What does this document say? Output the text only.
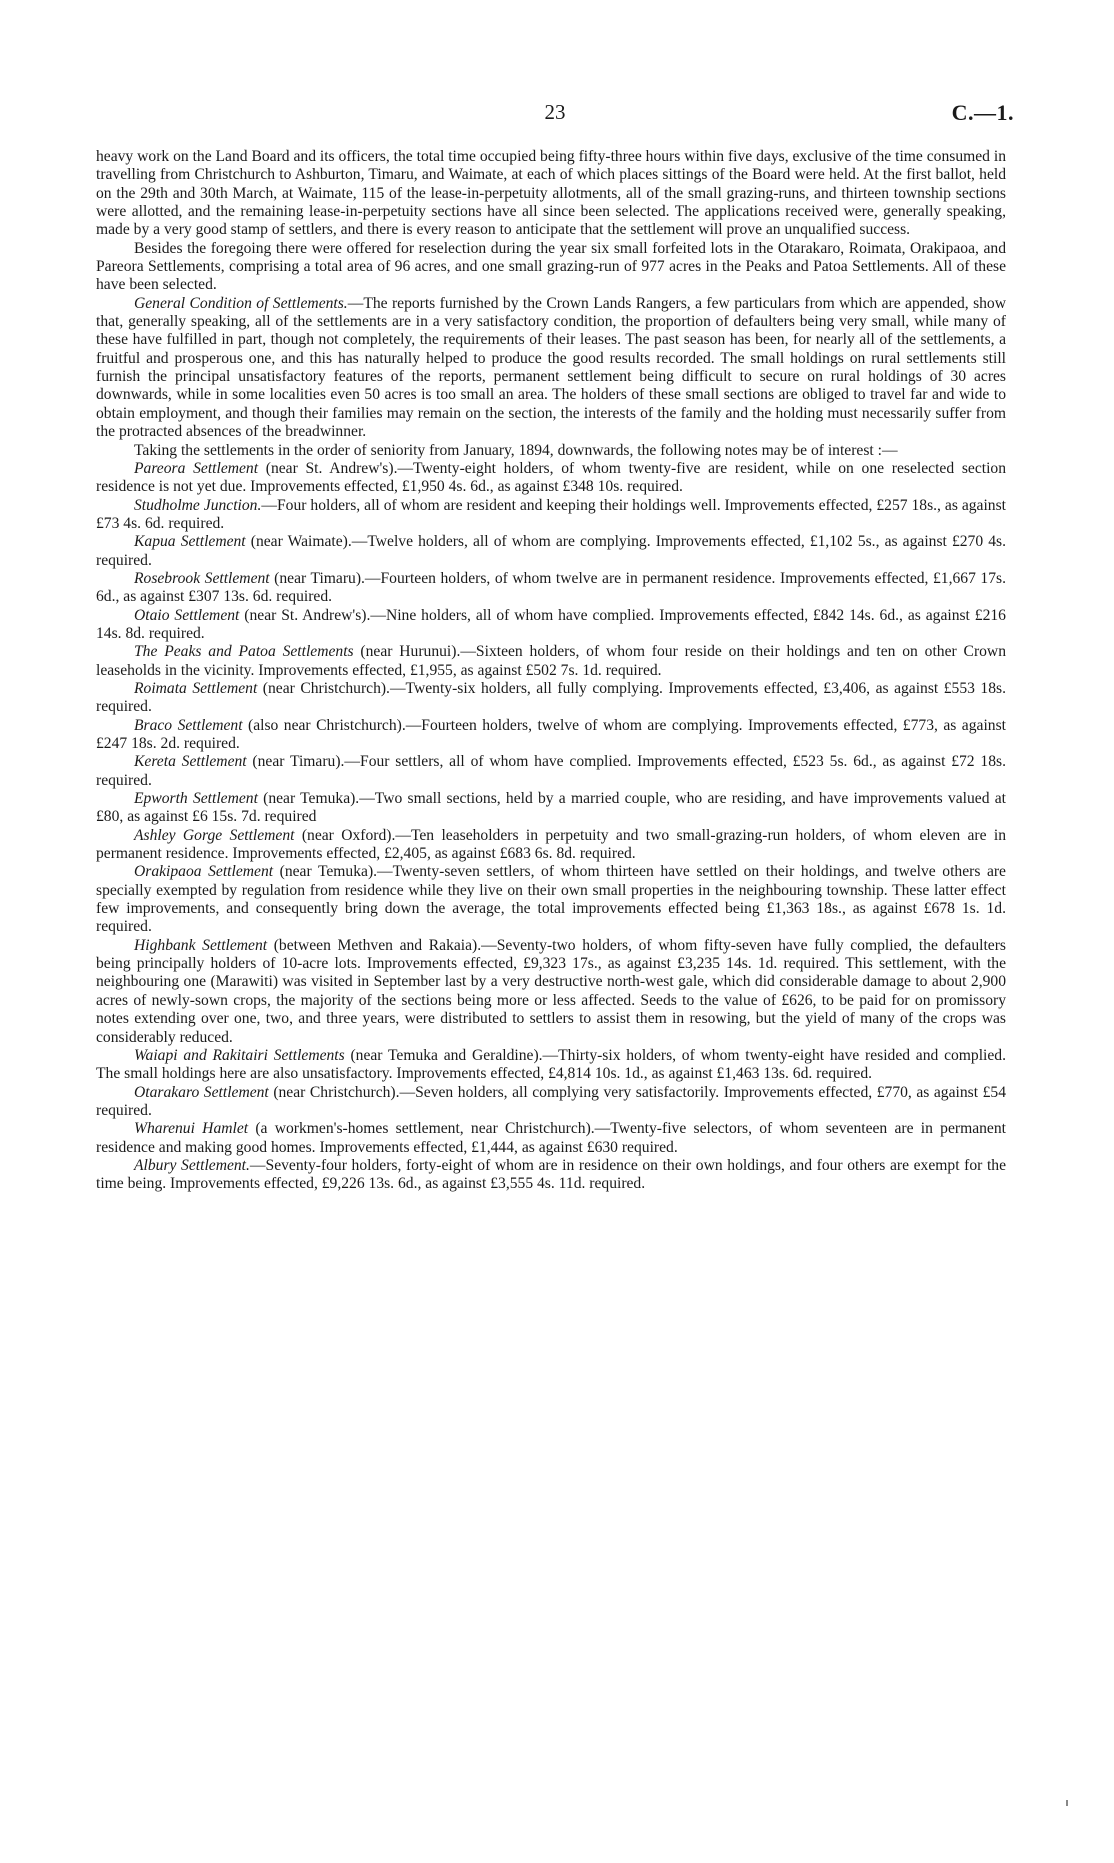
23	C.—1.

heavy work on the Land Board and its officers, the total time occupied being fifty-three hours within five days, exclusive of the time consumed in travelling from Christchurch to Ashburton, Timaru, and Waimate, at each of which places sittings of the Board were held. At the first ballot, held on the 29th and 30th March, at Waimate, 115 of the lease-in-perpetuity allotments, all of the small grazing-runs, and thirteen township sections were allotted, and the remaining lease-in-perpetuity sections have all since been selected. The applications received were, generally speaking, made by a very good stamp of settlers, and there is every reason to anticipate that the settlement will prove an unqualified success.

Besides the foregoing there were offered for reselection during the year six small forfeited lots in the Otarakaro, Roimata, Orakipaoa, and Pareora Settlements, comprising a total area of 96 acres, and one small grazing-run of 977 acres in the Peaks and Patoa Settlements. All of these have been selected.

General Condition of Settlements.—The reports furnished by the Crown Lands Rangers, a few particulars from which are appended, show that, generally speaking, all of the settlements are in a very satisfactory condition, the proportion of defaulters being very small, while many of these have fulfilled in part, though not completely, the requirements of their leases. The past season has been, for nearly all of the settlements, a fruitful and prosperous one, and this has naturally helped to produce the good results recorded. The small holdings on rural settlements still furnish the principal unsatisfactory features of the reports, permanent settlement being difficult to secure on rural holdings of 30 acres downwards, while in some localities even 50 acres is too small an area. The holders of these small sections are obliged to travel far and wide to obtain employment, and though their families may remain on the section, the interests of the family and the holding must necessarily suffer from the protracted absences of the breadwinner.

Taking the settlements in the order of seniority from January, 1894, downwards, the following notes may be of interest :—

Pareora Settlement (near St. Andrew's).—Twenty-eight holders, of whom twenty-five are resident, while on one reselected section residence is not yet due. Improvements effected, £1,950 4s. 6d., as against £348 10s. required.

Studholme Junction.—Four holders, all of whom are resident and keeping their holdings well. Improvements effected, £257 18s., as against £73 4s. 6d. required.

Kapua Settlement (near Waimate).—Twelve holders, all of whom are complying. Improvements effected, £1,102 5s., as against £270 4s. required.

Rosebrook Settlement (near Timaru).—Fourteen holders, of whom twelve are in permanent residence. Improvements effected, £1,667 17s. 6d., as against £307 13s. 6d. required.

Otaio Settlement (near St. Andrew's).—Nine holders, all of whom have complied. Improvements effected, £842 14s. 6d., as against £216 14s. 8d. required.

The Peaks and Patoa Settlements (near Hurunui).—Sixteen holders, of whom four reside on their holdings and ten on other Crown leaseholds in the vicinity. Improvements effected, £1,955, as against £502 7s. 1d. required.

Roimata Settlement (near Christchurch).—Twenty-six holders, all fully complying. Improvements effected, £3,406, as against £553 18s. required.

Braco Settlement (also near Christchurch).—Fourteen holders, twelve of whom are complying. Improvements effected, £773, as against £247 18s. 2d. required.

Kereta Settlement (near Timaru).—Four settlers, all of whom have complied. Improvements effected, £523 5s. 6d., as against £72 18s. required.

Epworth Settlement (near Temuka).—Two small sections, held by a married couple, who are residing, and have improvements valued at £80, as against £6 15s. 7d. required

Ashley Gorge Settlement (near Oxford).—Ten leaseholders in perpetuity and two small-grazing-run holders, of whom eleven are in permanent residence. Improvements effected, £2,405, as against £683 6s. 8d. required.

Orakipaoa Settlement (near Temuka).—Twenty-seven settlers, of whom thirteen have settled on their holdings, and twelve others are specially exempted by regulation from residence while they live on their own small properties in the neighbouring township. These latter effect few improvements, and consequently bring down the average, the total improvements effected being £1,363 18s., as against £678 1s. 1d. required.

Highbank Settlement (between Methven and Rakaia).—Seventy-two holders, of whom fifty-seven have fully complied, the defaulters being principally holders of 10-acre lots. Improvements effected, £9,323 17s., as against £3,235 14s. 1d. required. This settlement, with the neighbouring one (Marawiti) was visited in September last by a very destructive north-west gale, which did considerable damage to about 2,900 acres of newly-sown crops, the majority of the sections being more or less affected. Seeds to the value of £626, to be paid for on promissory notes extending over one, two, and three years, were distributed to settlers to assist them in resowing, but the yield of many of the crops was considerably reduced.

Waiapi and Rakitairi Settlements (near Temuka and Geraldine).—Thirty-six holders, of whom twenty-eight have resided and complied. The small holdings here are also unsatisfactory. Improvements effected, £4,814 10s. 1d., as against £1,463 13s. 6d. required.

Otarakaro Settlement (near Christchurch).—Seven holders, all complying very satisfactorily. Improvements effected, £770, as against £54 required.

Wharenui Hamlet (a workmen's-homes settlement, near Christchurch).—Twenty-five selectors, of whom seventeen are in permanent residence and making good homes. Improvements effected, £1,444, as against £630 required.

Albury Settlement.—Seventy-four holders, forty-eight of whom are in residence on their own holdings, and four others are exempt for the time being. Improvements effected, £9,226 13s. 6d., as against £3,555 4s. 11d. required.
